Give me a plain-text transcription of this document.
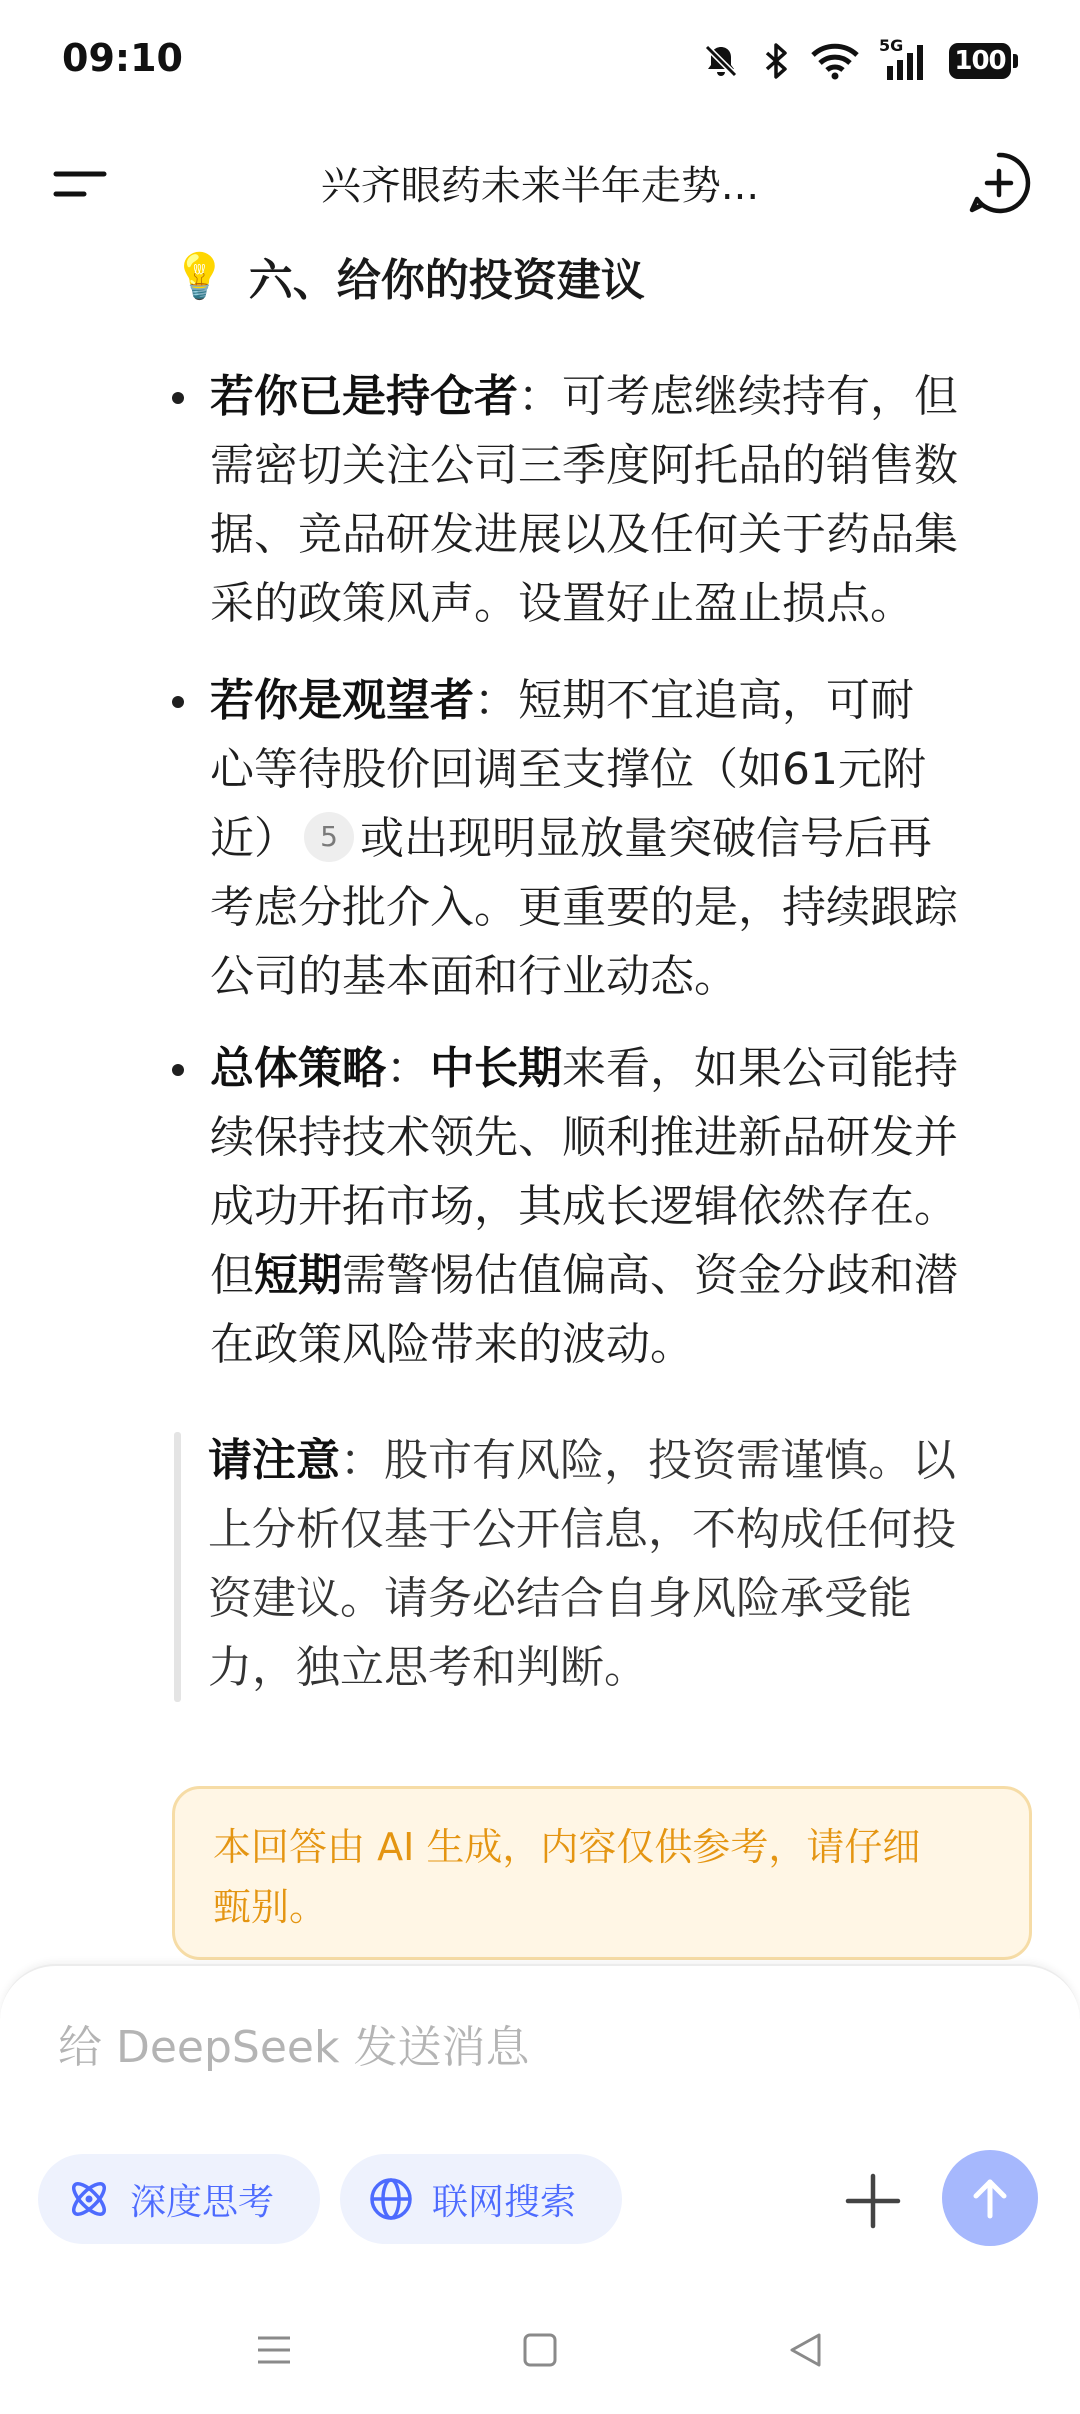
09:10	5G
100
兴齐眼药未来半年走势...
💡 六、给你的投资建议

若你已是持仓者：可考虑继续持有，但

需密切关注公司三季度阿托品的销售数

据、竞品研发进展以及任何关于药品集

采的政策风声。设置好止盈止损点。

若你是观望者：短期不宜追高，可耐

心等待股价回调至支撑位（如61元附

近） 5 或出现明显放量突破信号后再

考虑分批介入。更重要的是，持续跟踪

公司的基本面和行业动态。

总体策略：中长期来看，如果公司能持

续保持技术领先、顺利推进新品研发并

成功开拓市场，其成长逻辑依然存在。

但短期需警惕估值偏高、资金分歧和潜

在政策风险带来的波动。

请注意：股市有风险，投资需谨慎。以

上分析仅基于公开信息，不构成任何投

资建议。请务必结合自身风险承受能

力，独立思考和判断。

本回答由 AI 生成，内容仅供参考，请仔细

甄别。

给 DeepSeek 发送消息
深度思考	联网搜索
